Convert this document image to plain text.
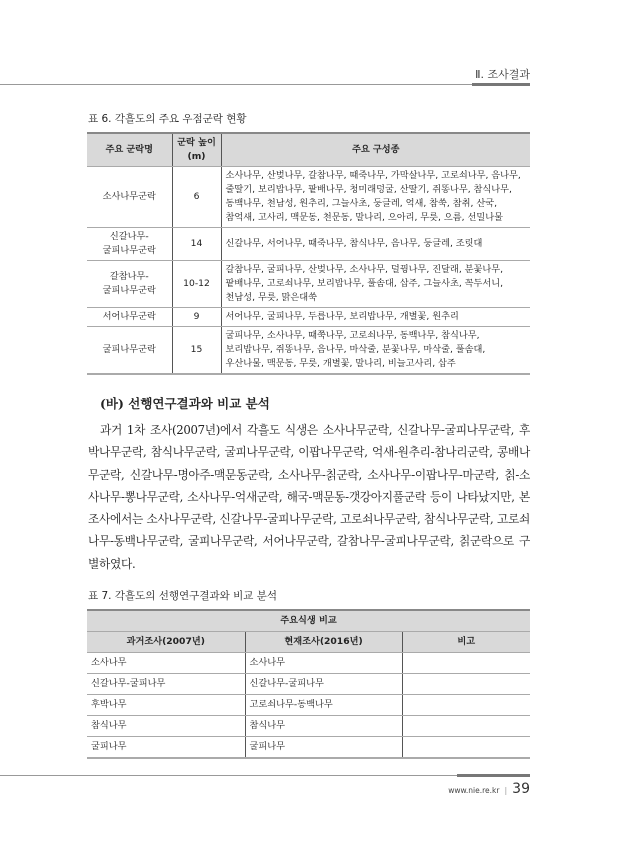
Ⅱ. 조사결과
표 6. 각흘도의 주요 우점군락 현황
주요 군락명	군락 높이(m)	주요 구성종
소사나무군락	6	소사나무, 산벚나무, 갈참나무, 때죽나무, 가막살나무, 고로쇠나무, 음나무, 줄딸기, 보리밥나무, 팥배나무, 청미래덩굴, 산딸기, 쥐똥나무, 참식나무, 동백나무, 천남성, 원추리, 그늘사초, 둥글레, 억새, 참쑥, 참취, 산국, 참억새, 고사리, 맥문동, 천문동, 말나리, 으아리, 무릇, 으름, 선밀나물
신갈나무-굴피나무군락	14	신갈나무, 서어나무, 때죽나무, 참식나무, 음나무, 둥글레, 조릿대
갈참나무-굴피나무군락	10-12	갈참나무, 굴피나무, 산벚나무, 소사나무, 덜꿩나무, 진달래, 분꽃나무, 팥배나무, 고로쇠나무, 보리밥나무, 풀솜대, 삽주, 그늘사초, 꼭두서니, 천남성, 무릇, 맑은대쑥
서어나무군락	9	서어나무, 굴피나무, 두릅나무, 보리밥나무, 개별꽃, 원추리
굴피나무군락	15	굴피나무, 소사나무, 때쭉나무, 고로쇠나무, 동백나무, 참식나무, 보리밥나무, 쥐똥나무, 음나무, 마삭줄, 분꽃나무, 마삭줄, 풀솜대, 우산나물, 맥문동, 무릇, 개별꽃, 말나리, 비늘고사리, 삽주
(바) 선행연구결과와 비교 분석
과거 1차 조사(2007년)에서 각흘도 식생은 소사나무군락, 신갈나무-굴피나무군락, 후박나무군락, 참식나무군락, 굴피나무군락, 이팝나무군락, 억새-원추리-참나리군락, 콩배나무군락, 신갈나무-명아주-맥문동군락, 소사나무-칡군락, 소사나무-이팝나무-마군락, 칡-소사나무-뽕나무군락, 소사나무-억새군락, 해국-맥문동-갯강아지풀군락 등이 나타났지만, 본 조사에서는 소사나무군락, 신갈나무-굴피나무군락, 고로쇠나무군락, 참식나무군락, 고로쇠나무-동백나무군락, 굴피나무군락, 서어나무군락, 갈참나무-굴피나무군락, 칡군락으로 구별하였다.
표 7. 각흘도의 선행연구결과와 비교 분석
주요식생 비교		
과거조사(2007년)	현재조사(2016년)	비고
소사나무	소사나무	
신갈나무-굴피나무	신갈나무-굴피나무	
후박나무	고로쇠나무-동백나무	
참식나무	참식나무	
굴피나무	굴피나무	
www.nie.re.kr | 39
